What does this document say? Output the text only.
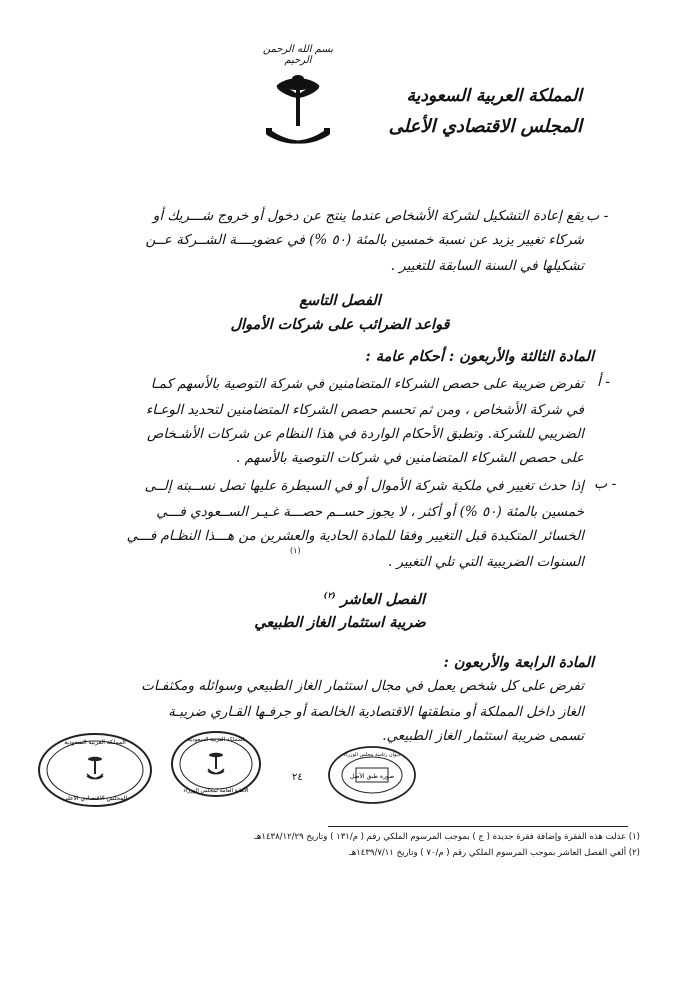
بسم الله الرحمن الرحيم
المملكة العربية السعودية
المجلس الاقتصادي الأعلى
ب -
يقع إعادة التشكيل لشركة الأشخاص عندما ينتج عن دخول أو خروج شـــريك أو
شركاء تغيير يزيد عن نسبة خمسين بالمئة (٥٠ %) في عضويــــة الشــركة عــن
تشكيلها في السنة السابقة للتغيير .
الفصل التاسع
قواعد الضرائب على شركات الأموال
المادة الثالثة والأربعون : أحكام عامة :
أ -
تفرض ضريبة على حصص الشركاء المتضامنين في شركة التوصية بالأسهم كمـا
في شركة الأشخاص ، ومن ثم تحسم حصص الشركاء المتضامنين لتحديد الوعـاء
الضريبي للشركة. وتطبق الأحكام الواردة في هذا النظام عن شركات الأشـخاص
على حصص الشركاء المتضامنين في شركات التوصية بالأسهم .
ب -
إذا حدث تغيير في ملكية شركة الأموال أو في السيطرة عليها تصل نســبته إلــى
خمسين بالمئة (٥٠ %) أو أكثر ، لا يجوز حســم حصـــة غـيـر الســعودي فـــي
الخسائر المتكبدة قبل التغيير وفقا للمادة الحادية والعشرين من هـــذا النظـام فـــي
السنوات الضريبية التي تلي التغيير .
(١)
الفصل العاشر $^{(٢)}$
ضريبة استثمار الغاز الطبيعي
المادة الرابعة والأربعون :
تفرض على كل شخص يعمل في مجال استثمار الغاز الطبيعي وسوائله ومكثفـات
الغاز داخل المملكة أو منطقتها الاقتصادية الخالصة أو جرفـها القـاري ضريبـة
تسمى ضريبة استثمار الغاز الطبيعي.
المملكة العربية السعودية
المجلس الاقتصادي الأعلى
المملكة العربية السعودية
الأمانة العامة لمجلس الوزراء
٢٤	صورة طبق الأصل
ديوان رئاسة مجلس الوزراء
(١) عدلت هذه الفقرة وإضافة فقرة جديدة ( ج ) بموجب المرسوم الملكي رقم ( م/١٣١ ) وتاريخ ١٤٣٨/١٢/٢٩هـ
(٢) ألغي الفصل العاشر بموجب المرسوم الملكي رقم ( م/٧٠ ) وتاريخ ١٤٣٩/٧/١١هـ
